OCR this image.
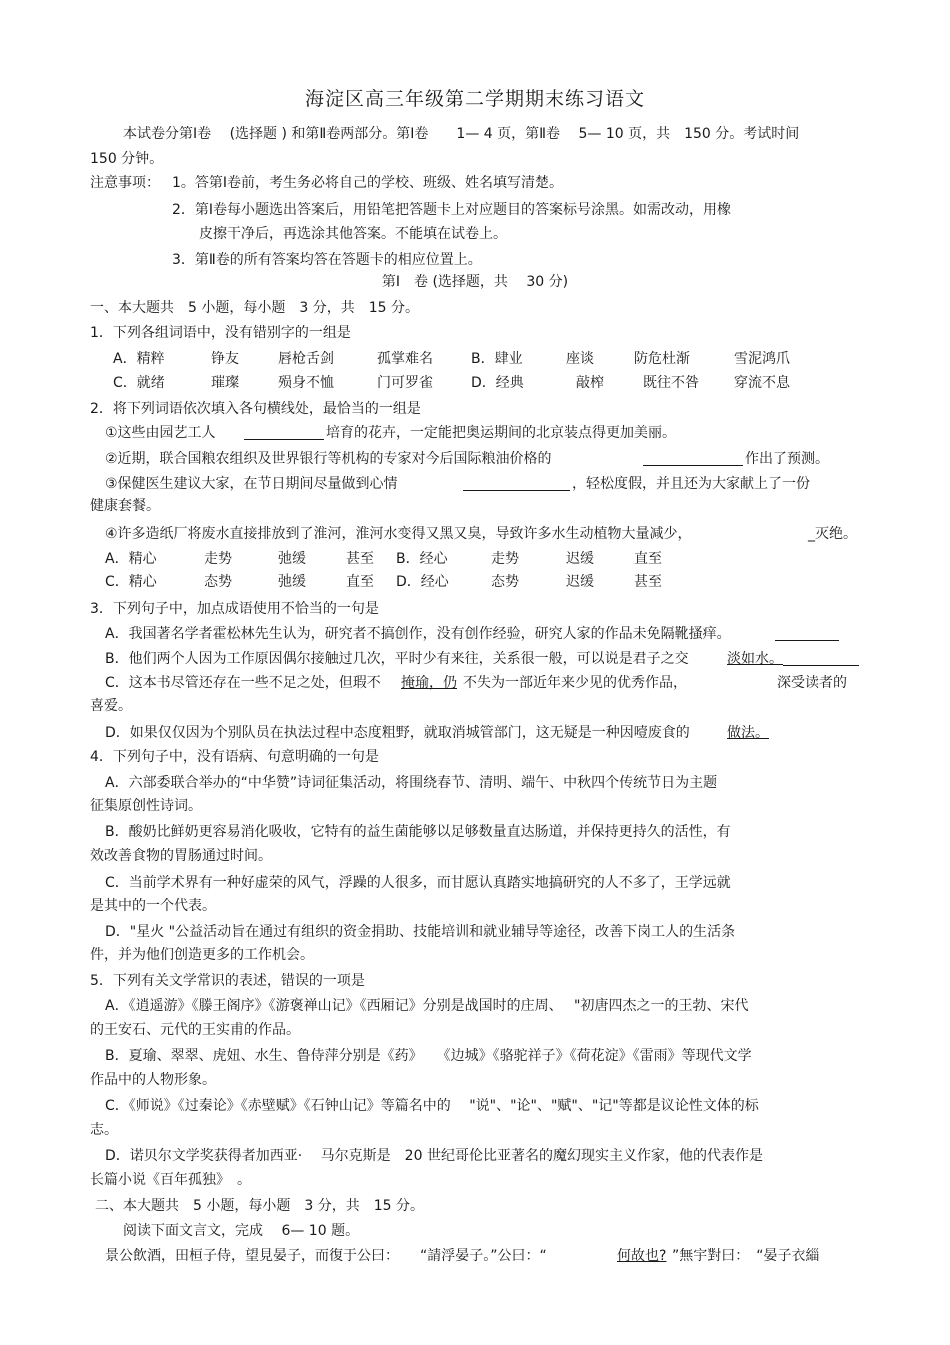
海淀区高三年级第二学期期末练习语文
本试卷分第Ⅰ卷　 (选择题 ) 和第Ⅱ卷两部分。第Ⅰ卷　　1— 4 页，第Ⅱ卷　 5— 10 页，共　150 分。考试时间
150 分钟。
注意事项： 1。答第Ⅰ卷前，考生务必将自己的学校、班级、姓名填写清楚。
2．第Ⅰ卷每小题选出答案后，用铅笔把答题卡上对应题目的答案标号涂黑。如需改动，用橡
皮擦干净后，再选涂其他答案。不能填在试卷上。
3．第Ⅱ卷的所有答案均答在答题卡的相应位置上。
第Ⅰ　卷 (选择题，共　 30 分)
一、本大题共　5 小题，每小题　3 分，共　15 分。
1．下列各组词语中，没有错别字的一组是
A．精粹	铮友	唇枪舌剑	孤掌难名	B．肆业	座谈	防危杜渐	雪泥鸿爪
C．就绪	璀璨	殒身不恤	门可罗雀	D．经典	敲榨	既往不咎	穿流不息
2．将下列词语依次填入各句横线处，最恰当的一组是
①这些由园艺工人	培育的花卉，一定能把奥运期间的北京装点得更加美丽。
②近期，联合国粮农组织及世界银行等机构的专家对今后国际粮油价格的	作出了预测。
③保健医生建议大家，在节日期间尽量做到心情	，轻松度假，并且还为大家献上了一份
健康套餐。
④许多造纸厂将废水直接排放到了淮河，淮河水变得又黑又臭，导致许多水生动植物大量减少，	_灭绝。
A．精心	走势	弛缓	甚至 B．经心	走势	迟缓	直至
C．精心	态势	弛缓	直至 D．经心	态势	迟缓	甚至
3．下列句子中，加点成语使用不恰当的一句是
A．我国著名学者霍松林先生认为，研究者不搞创作，没有创作经验，研究人家的作品未免隔靴搔痒。
B．他们两个人因为工作原因偶尔接触过几次，平时少有来往，关系很一般，可以说是君子之交	淡如水。
C．这本书尽管还存在一些不足之处，但瑕不 掩瑜，仍 不失为一部近年来少见的优秀作品，	深受读者的
喜爱。
D．如果仅仅因为个别队员在执法过程中态度粗野，就取消城管部门，这无疑是一种因噎废食的	做法。
4．下列句子中，没有语病、句意明确的一句是
A．六部委联合举办的“中华赞”诗词征集活动，将围绕春节、清明、端午、中秋四个传统节日为主题
征集原创性诗词。
B．酸奶比鲜奶更容易消化吸收，它特有的益生菌能够以足够数量直达肠道，并保持更持久的活性，有
效改善食物的胃肠通过时间。
C．当前学术界有一种好虚荣的风气，浮躁的人很多，而甘愿认真踏实地搞研究的人不多了，王学远就
是其中的一个代表。
D．"星火 "公益活动旨在通过有组织的资金捐助、技能培训和就业辅导等途径，改善下岗工人的生活条
件，并为他们创造更多的工作机会。
5．下列有关文学常识的表述，错误的一项是
A．《逍遥游》《滕王阁序》《游褒禅山记》《西厢记》分别是战国时的庄周、　 "初唐四杰之一的王勃、宋代
的王安石、元代的王实甫的作品。
B．夏瑜、翠翠、虎妞、水生、鲁侍萍分别是《药》　　《边城》《骆驼祥子》《荷花淀》《雷雨》等现代文学
作品中的人物形象。
C．《师说》《过秦论》《赤壁赋》《石钟山记》等篇名中的　 "说"、"论"、"赋"、"记"等都是议论性文体的标
志。
D．诺贝尔文学奖获得者加西亚·　 马尔克斯是　20 世纪哥伦比亚著名的魔幻现实主义作家，他的代表作是
长篇小说《百年孤独》　。
二、本大题共　5 小题，每小题　3 分，共　15 分。
阅读下面文言文，完成　 6— 10 题。
景公飲酒，田桓子侍，望見晏子，而復于公曰：　　“請浮晏子。”公曰：“	何故也? ”無宇對曰：　“晏子衣緇
